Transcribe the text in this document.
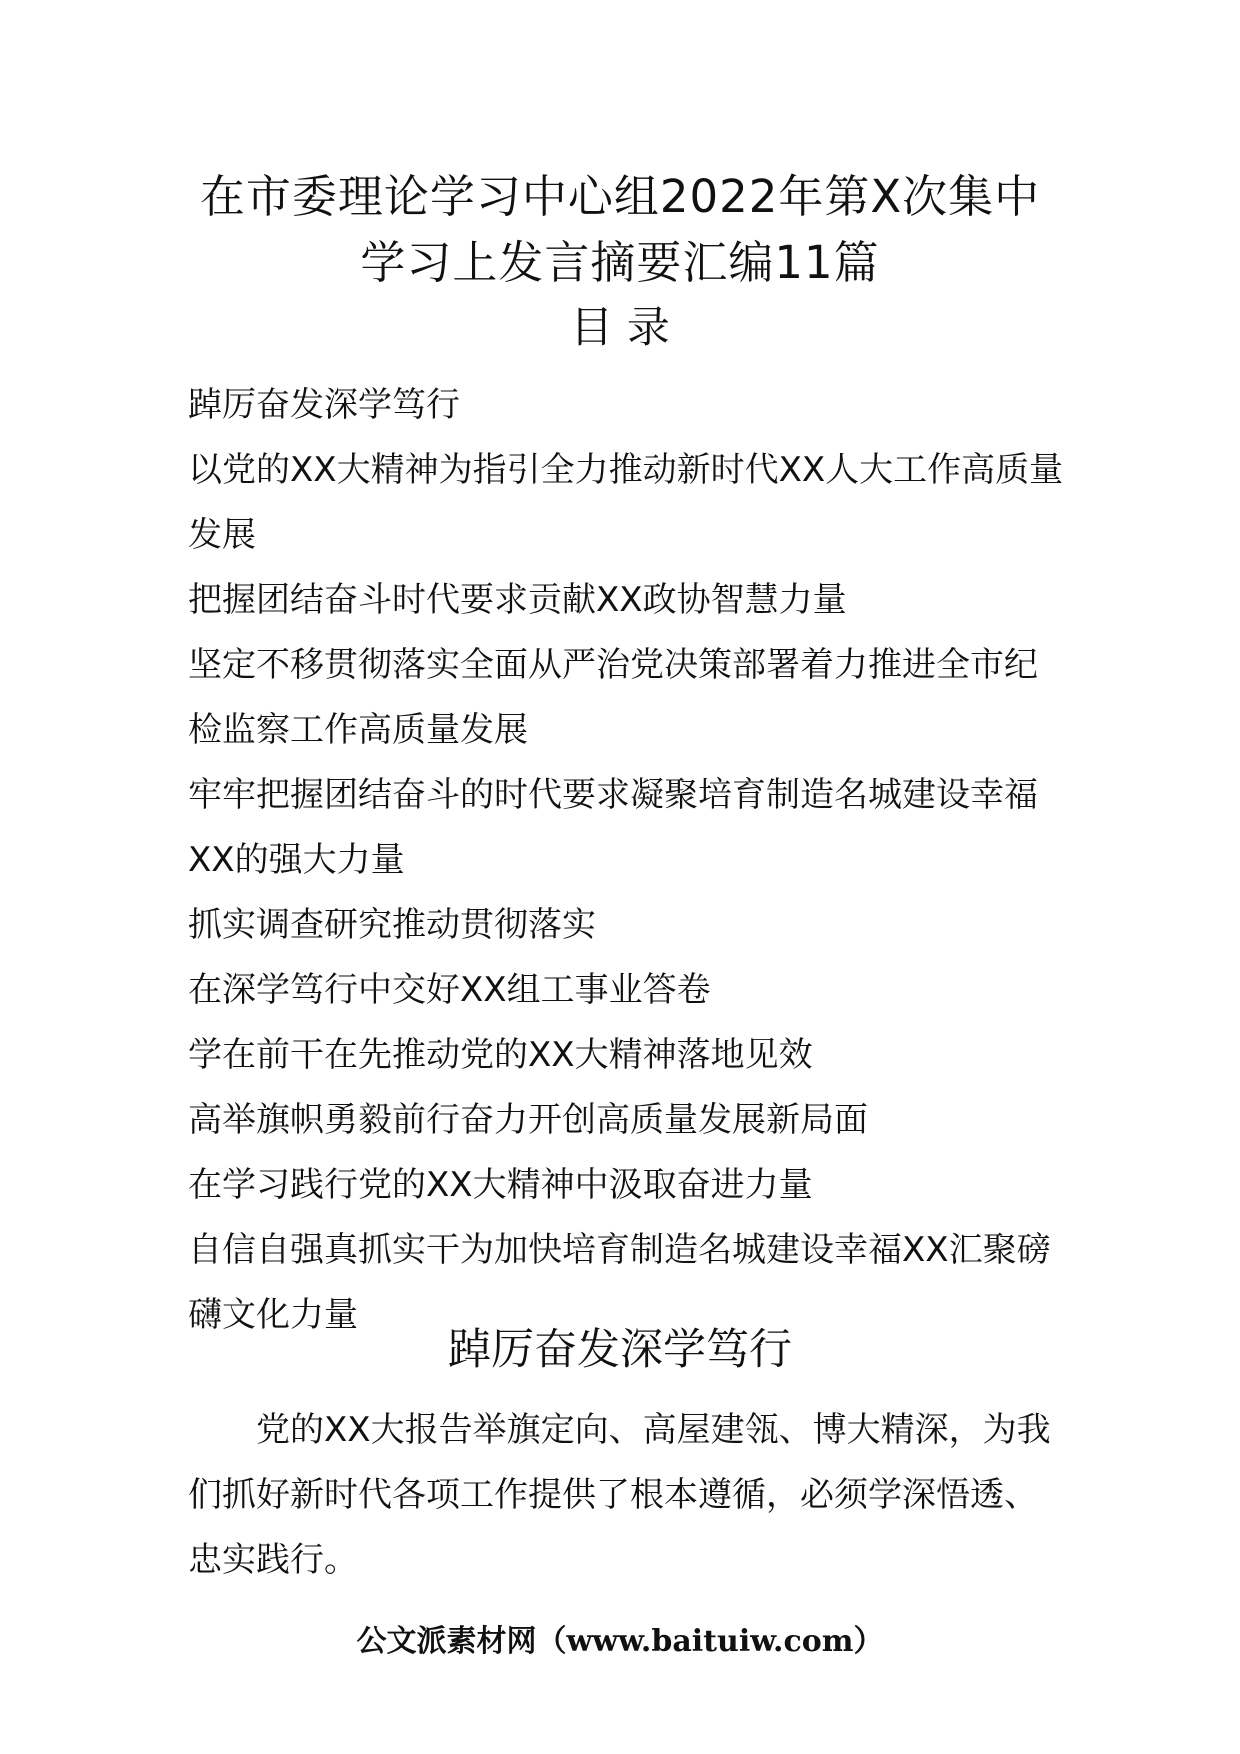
在市委理论学习中心组2022年第X次集中
学习上发言摘要汇编11篇
目 录
踔厉奋发深学笃行
以党的XX大精神为指引全力推动新时代XX人大工作高质量发展
把握团结奋斗时代要求贡献XX政协智慧力量
坚定不移贯彻落实全面从严治党决策部署着力推进全市纪检监察工作高质量发展
牢牢把握团结奋斗的时代要求凝聚培育制造名城建设幸福XX的强大力量
抓实调查研究推动贯彻落实
在深学笃行中交好XX组工事业答卷
学在前干在先推动党的XX大精神落地见效
高举旗帜勇毅前行奋力开创高质量发展新局面
在学习践行党的XX大精神中汲取奋进力量
自信自强真抓实干为加快培育制造名城建设幸福XX汇聚磅礴文化力量
踔厉奋发深学笃行

党的XX大报告举旗定向、高屋建瓴、博大精深，为我们抓好新时代各项工作提供了根本遵循，必须学深悟透、忠实践行。

公文派素材网（www.baituiw.com）
